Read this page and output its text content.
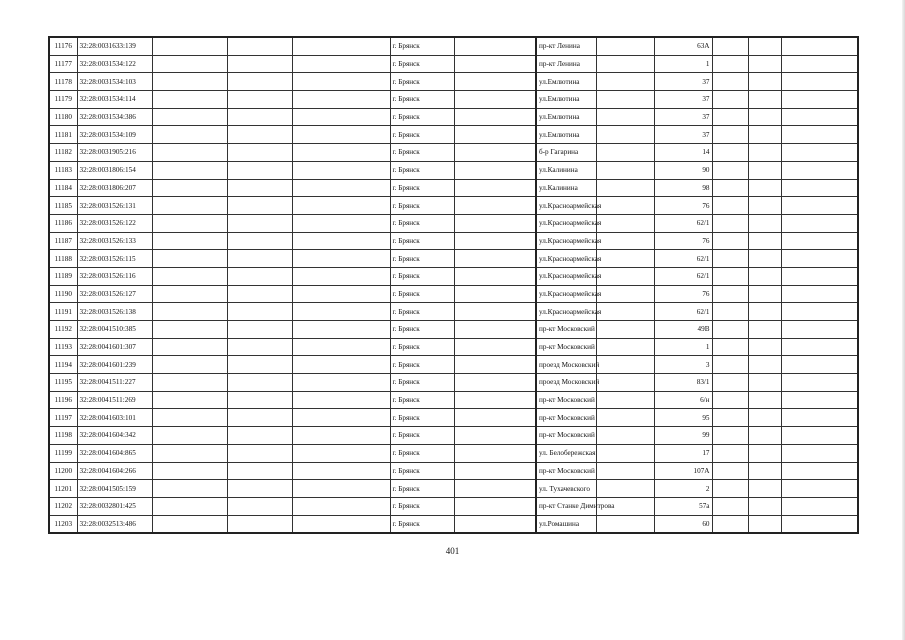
11176	32:28:0031633:139				г. Брянск		пр-кт Ленина		63А			
11177	32:28:0031534:122				г. Брянск		пр-кт Ленина		1			
11178	32:28:0031534:103				г. Брянск		ул.Емлютина		37			
11179	32:28:0031534:114				г. Брянск		ул.Емлютина		37			
11180	32:28:0031534:386				г. Брянск		ул.Емлютина		37			
11181	32:28:0031534:109				г. Брянск		ул.Емлютина		37			
11182	32:28:0031905:216				г. Брянск		б-р Гагарина		14			
11183	32:28:0031806:154				г. Брянск		ул.Калинина		90			
11184	32:28:0031806:207				г. Брянск		ул.Калинина		98			
11185	32:28:0031526:131				г. Брянск		ул.Красноармейская		76			
11186	32:28:0031526:122				г. Брянск		ул.Красноармейская		62/1			
11187	32:28:0031526:133				г. Брянск		ул.Красноармейская		76			
11188	32:28:0031526:115				г. Брянск		ул.Красноармейская		62/1			
11189	32:28:0031526:116				г. Брянск		ул.Красноармейская		62/1			
11190	32:28:0031526:127				г. Брянск		ул.Красноармейская		76			
11191	32:28:0031526:138				г. Брянск		ул.Красноармейская		62/1			
11192	32:28:0041510:385				г. Брянск		пр-кт Московский		49В			
11193	32:28:0041601:307				г. Брянск		пр-кт Московский		1			
11194	32:28:0041601:239				г. Брянск		проезд Московский		3			
11195	32:28:0041511:227				г. Брянск		проезд Московский		83/1			
11196	32:28:0041511:269				г. Брянск		пр-кт Московский		6/н			
11197	32:28:0041603:101				г. Брянск		пр-кт Московский		95			
11198	32:28:0041604:342				г. Брянск		пр-кт Московский		99			
11199	32:28:0041604:865				г. Брянск		ул. Белобережская		17			
11200	32:28:0041604:266				г. Брянск		пр-кт Московский		107А			
11201	32:28:0041505:159				г. Брянск		ул. Тухачевского		2			
11202	32:28:0032801:425				г. Брянск		пр-кт Станке Димитрова		57а			
11203	32:28:0032513:486				г. Брянск		ул.Ромашина		60			
401
